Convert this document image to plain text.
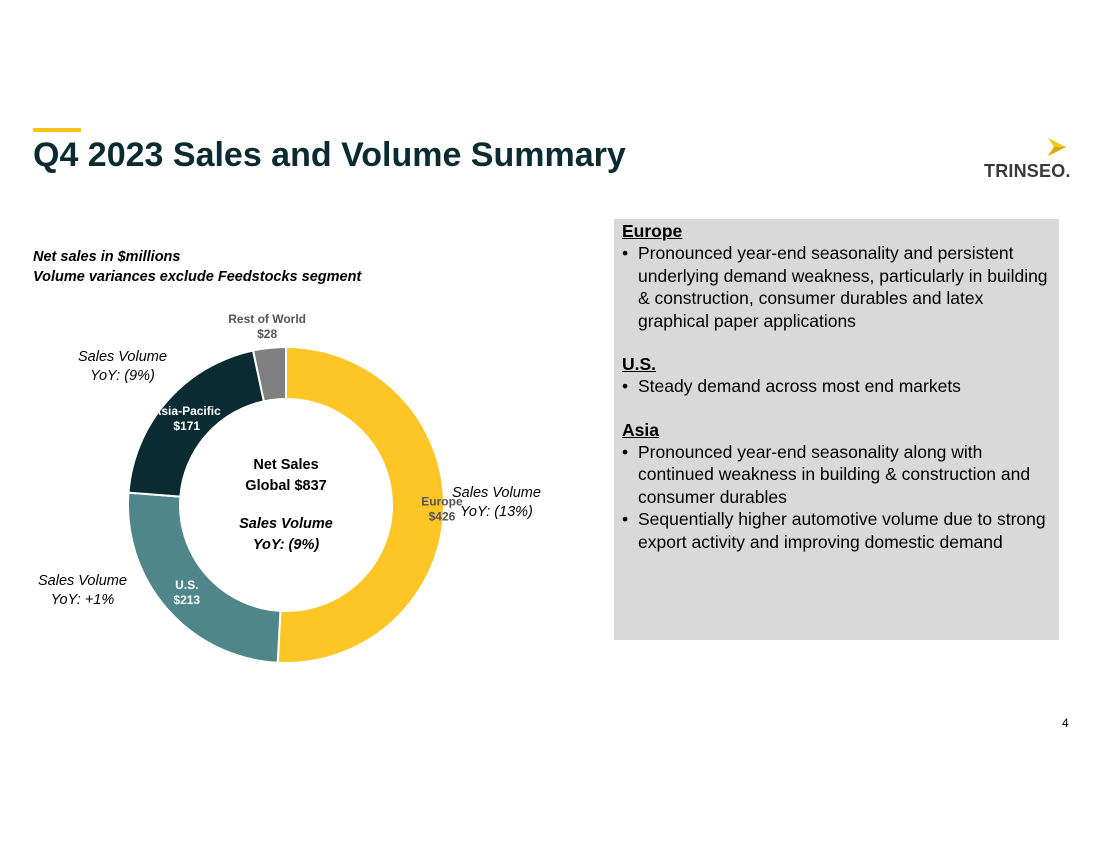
Q4 2023 Sales and Volume Summary	TRINSEO.
Net sales in $millions
Volume variances exclude Feedstocks segment
Europe
$426
U.S.
$213
Asia-Pacific
$171
Rest of World
$28
Net Sales
Global $837
Sales Volume
YoY: (9%)
Sales Volume
YoY: (13%)
Sales Volume
YoY: +1%
Sales Volume
YoY: (9%)
Europe
• Pronounced year-end seasonality and persistent underlying demand weakness, particularly in building & construction, consumer durables and latex graphical paper applications
U.S.
• Steady demand across most end markets
Asia
• Pronounced year-end seasonality along with continued weakness in building & construction and consumer durables
• Sequentially higher automotive volume due to strong export activity and improving domestic demand
4
